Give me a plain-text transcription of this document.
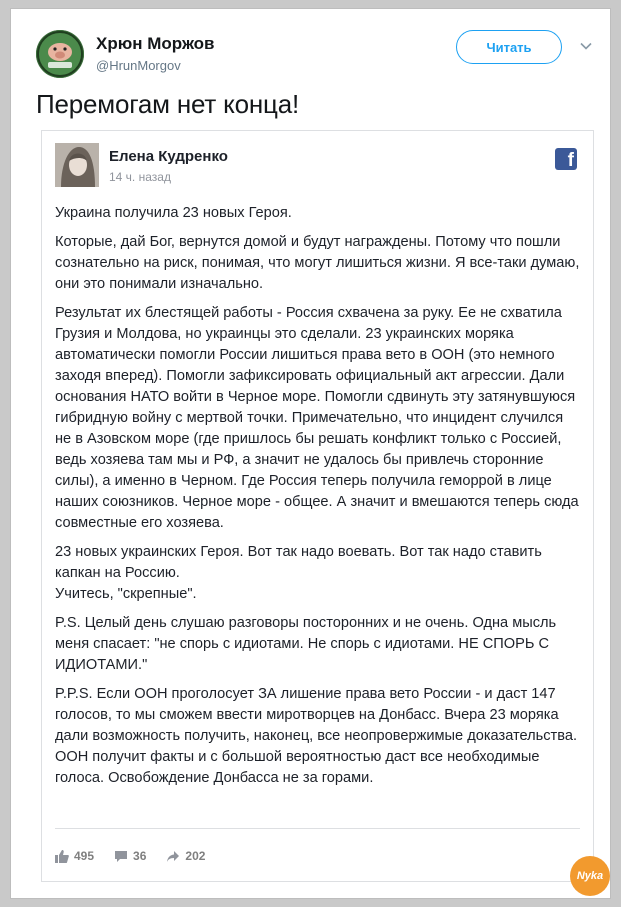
Хрюн Моржов
@HrunMorgov
Читать
Перемогам нет конца!
Елена Кудренко
14 ч. назад
f

Украина получила 23 новых Героя.

Которые, дай Бог, вернутся домой и будут награждены. Потому что пошли сознательно на риск, понимая, что могут лишиться жизни. Я все-таки думаю, они это понимали изначально.

Результат их блестящей работы - Россия схвачена за руку. Ее не схватила Грузия и Молдова, но украинцы это сделали. 23 украинских моряка автоматически помогли России лишиться права вето в ООН (это немного заходя вперед). Помогли зафиксировать официальный акт агрессии. Дали основания НАТО войти в Черное море. Помогли сдвинуть эту затянувшуюся гибридную войну с мертвой точки. Примечательно, что инцидент случился не в Азовском море (где пришлось бы решать конфликт только с Россией, ведь хозяева там мы и РФ, а значит не удалось бы привлечь сторонние силы), а именно в Черном. Где Россия теперь получила геморрой в лице наших союзников. Черное море - общее. А значит и вмешаются теперь сюда совместные его хозяева.

23 новых украинских Героя. Вот так надо воевать. Вот так надо ставить капкан на Россию.
Учитесь, "скрепные".

P.S. Целый день слушаю разговоры посторонних и не очень. Одна мысль меня спасает: "не спорь с идиотами. Не спорь с идиотами. НЕ СПОРЬ С ИДИОТАМИ."

P.P.S. Если ООН проголосует ЗА лишение права вето России - и даст 147 голосов, то мы сможем ввести миротворцев на Донбасс. Вчера 23 моряка дали возможность получить, наконец, все неопровержимые доказательства. ООН получит факты и с большой вероятностью даст все необходимые голоса. Освобождение Донбасса не за горами.

495	36	202
Nyka
